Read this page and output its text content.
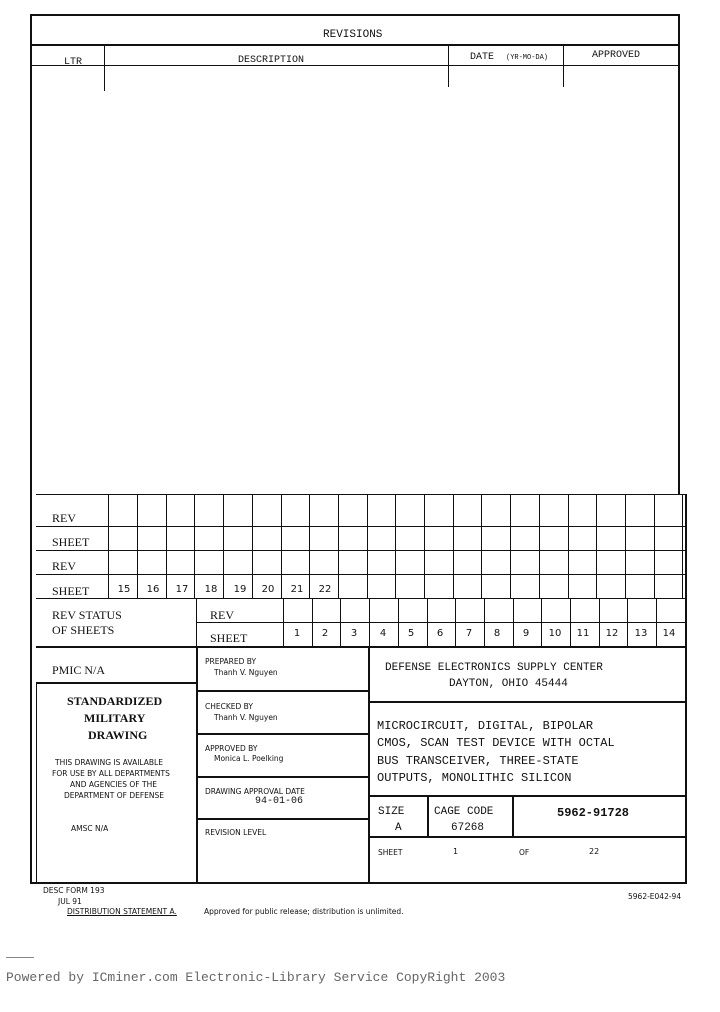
REVISIONS
LTR	DESCRIPTION	DATE (YR-MO-DA)	APPROVED
REV
SHEET
REV
SHEET	15	16	17	18	19	20	21	22
REV STATUS
OF SHEETS
REV
SHEET	1	2	3	4	5	6	7	8	9	10	11	12	13	14
PMIC N/A
STANDARDIZED
MILITARY
DRAWING
THIS DRAWING IS AVAILABLE
FOR USE BY ALL DEPARTMENTS
AND AGENCIES OF THE
DEPARTMENT OF DEFENSE
AMSC N/A
PREPARED BY
Thanh V. Nguyen
CHECKED BY
Thanh V. Nguyen
APPROVED BY
Monica L. Poelking
DRAWING APPROVAL DATE
94-01-06
REVISION LEVEL
DEFENSE ELECTRONICS SUPPLY CENTER
DAYTON, OHIO 45444
MICROCIRCUIT, DIGITAL, BIPOLAR
CMOS, SCAN TEST DEVICE WITH OCTAL
BUS TRANSCEIVER, THREE-STATE
OUTPUTS, MONOLITHIC SILICON
SIZE
A
CAGE CODE
67268
5962-91728
SHEET	1	OF	22
DESC FORM 193
JUL 91
5962-E042-94
DISTRIBUTION STATEMENT A.	Approved for public release; distribution is unlimited.
Powered by ICminer.com Electronic-Library Service CopyRight 2003
